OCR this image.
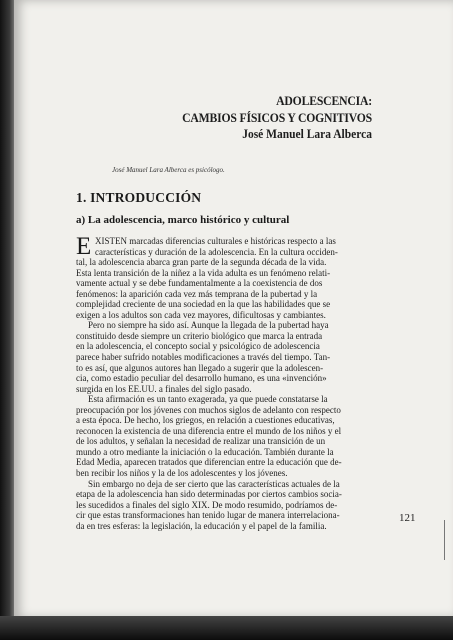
ADOLESCENCIA:
CAMBIOS FÍSICOS Y COGNITIVOS
José Manuel Lara Alberca
José Manuel Lara Alberca es psicólogo.
1. INTRODUCCIÓN
a) La adolescencia, marco histórico y cultural
E XISTEN marcadas diferencias culturales e históricas respecto a las
características y duración de la adolescencia. En la cultura occiden-
tal, la adolescencia abarca gran parte de la segunda década de la vida.
Esta lenta transición de la niñez a la vida adulta es un fenómeno relati-
vamente actual y se debe fundamentalmente a la coexistencia de dos
fenómenos: la aparición cada vez más temprana de la pubertad y la
complejidad creciente de una sociedad en la que las habilidades que se
exigen a los adultos son cada vez mayores, dificultosas y cambiantes.
Pero no siempre ha sido así. Aunque la llegada de la pubertad haya
constituido desde siempre un criterio biológico que marca la entrada
en la adolescencia, el concepto social y psicológico de adolescencia
parece haber sufrido notables modificaciones a través del tiempo. Tan-
to es así, que algunos autores han llegado a sugerir que la adolescen-
cia, como estadio peculiar del desarrollo humano, es una «invención»
surgida en los EE.UU. a finales del siglo pasado.
Esta afirmación es un tanto exagerada, ya que puede constatarse la
preocupación por los jóvenes con muchos siglos de adelanto con respecto
a esta época. De hecho, los griegos, en relación a cuestiones educativas,
reconocen la existencia de una diferencia entre el mundo de los niños y el
de los adultos, y señalan la necesidad de realizar una transición de un
mundo a otro mediante la iniciación o la educación. También durante la
Edad Media, aparecen tratados que diferencian entre la educación que de-
ben recibir los niños y la de los adolescentes y los jóvenes.
Sin embargo no deja de ser cierto que las características actuales de la
etapa de la adolescencia han sido determinadas por ciertos cambios socia-
les sucedidos a finales del siglo XIX. De modo resumido, podríamos de-
cir que estas transformaciones han tenido lugar de manera interrelaciona-
da en tres esferas: la legislación, la educación y el papel de la familia.
121
